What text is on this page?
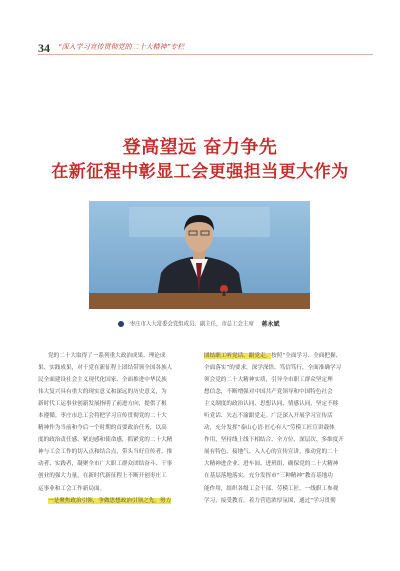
34 “深入学习宣传贯彻党的二十大精神”专栏
登高望远 奋力争先
在新征程中彰显工会更强担当更大作为
枣庄市人大常委会党组成员、副主任，市总工会主席 蒋永斌
党的二十大取得了一系列重大政治成果、理论成
果、实践成果，对于党在新征程上团结带领全国各族人
民全面建设社会主义现代化国家、全面推进中华民族
伟大复兴具有重大的现实意义和深远的历史意义，为
新时代工运事业创新发展指明了前进方向，提供了根
本遵循。枣庄市总工会将把学习宣传贯彻党的二十大
精神作为当前和今后一个时期的首要政治任务，以高
度的政治责任感、紧迫感和使命感，抓紧党的二十大精
神与工会工作的切入点和结合点，带头当好宣传者、推
动者、实践者，凝聚全市广大职工群众团结奋斗、干事
创业的强大力量，在新时代新征程上不断开创枣庄工
运事业和工会工作新局面。
一是聚焦政治引领，争做思想政治引领之先。努力
团结职工听党话、跟党走。按照“全面学习、全面把握、
全面落实”的要求，深学深悟、笃信笃行，全面准确学习
领会党的二十大精神实质，引导全市职工群众坚定理
想信念，不断增强对中国共产党领导和中国特色社会
主义制度的政治认同、思想认同、情感认同，坚定不移
听党话、矢志不渝跟党走。广泛深入开展学习宣传活
动，充分发挥“泰山心语·匠心有人”劳模工匠宣讲载体
作用，坚持线上线下相结合、全方位、深层次、多维度开
展有特色、接地气、入人心的宣传宣讲，推动党的二十
大精神进企业、进车间、进班组，确保党的二十大精神
在基层落地落实。充分发挥市“三种精神”教育基地功
能作用，组织各级工会干部、劳模工匠、一线职工参观
学习，接受教育。着力营造浓厚氛围，通过“学习贯彻
